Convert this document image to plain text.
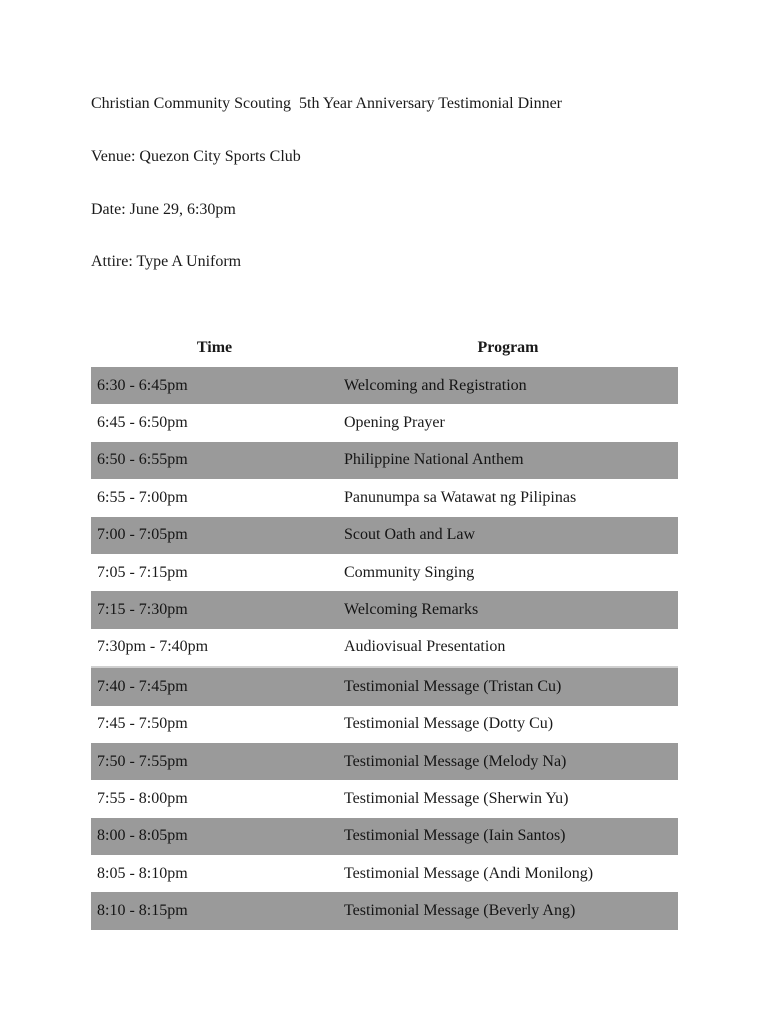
Christian Community Scouting  5th Year Anniversary Testimonial Dinner
Venue: Quezon City Sports Club
Date: June 29, 6:30pm
Attire: Type A Uniform
Time	Program
6:30 - 6:45pm	Welcoming and Registration
6:45 - 6:50pm	Opening Prayer
6:50 - 6:55pm	Philippine National Anthem
6:55 - 7:00pm	Panunumpa sa Watawat ng Pilipinas
7:00 - 7:05pm	Scout Oath and Law
7:05 - 7:15pm	Community Singing
7:15 - 7:30pm	Welcoming Remarks
7:30pm - 7:40pm	Audiovisual Presentation
7:40 - 7:45pm	Testimonial Message (Tristan Cu)
7:45 - 7:50pm	Testimonial Message (Dotty Cu)
7:50 - 7:55pm	Testimonial Message (Melody Na)
7:55 - 8:00pm	Testimonial Message (Sherwin Yu)
8:00 - 8:05pm	Testimonial Message (Iain Santos)
8:05 - 8:10pm	Testimonial Message (Andi Monilong)
8:10 - 8:15pm	Testimonial Message (Beverly Ang)
